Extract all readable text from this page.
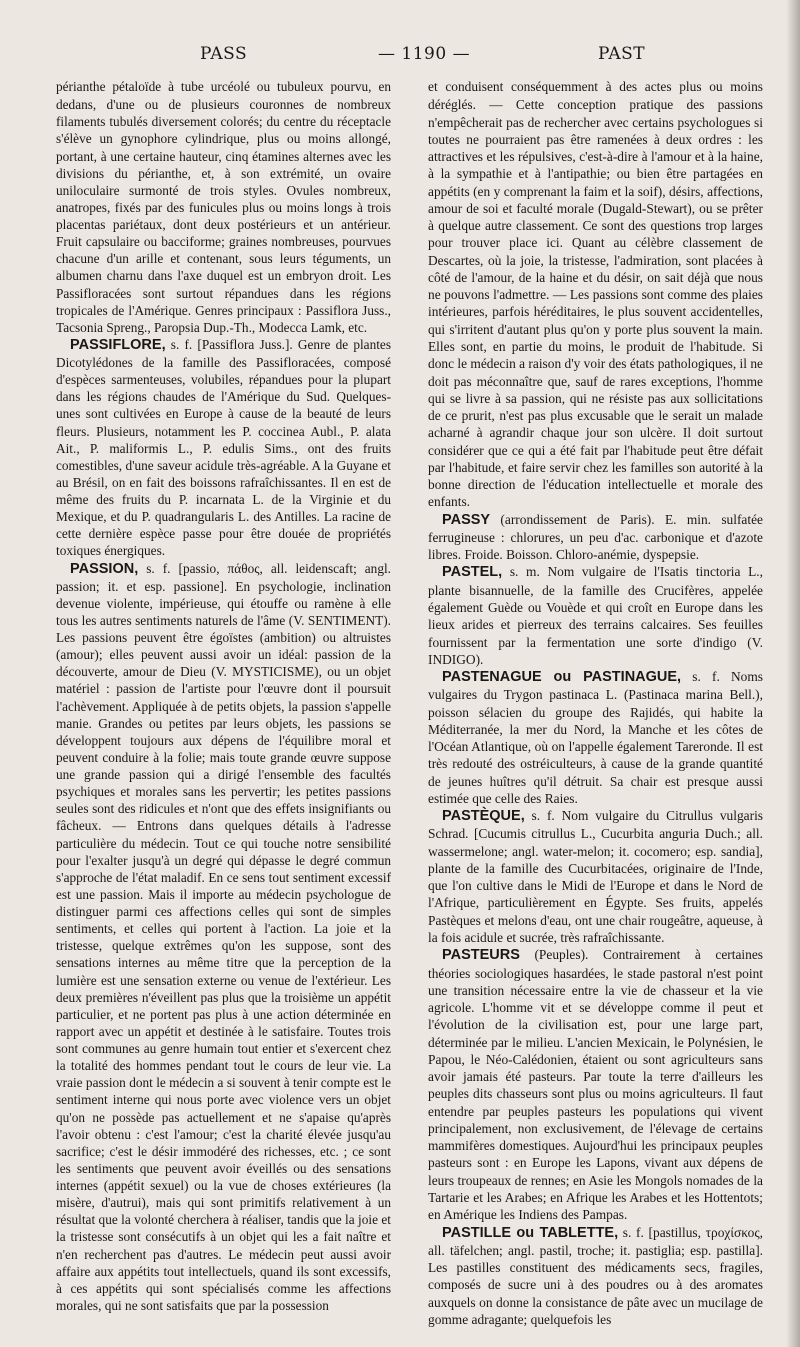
PASS	— 1190 —	PAST

périanthe pétaloïde à tube urcéolé ou tubuleux pourvu, en dedans, d'une ou de plusieurs couronnes de nombreux filaments tubulés diversement colorés; du centre du réceptacle s'élève un gynophore cylindrique, plus ou moins allongé, portant, à une certaine hauteur, cinq étamines alternes avec les divisions du périanthe, et, à son extrémité, un ovaire uniloculaire surmonté de trois styles. Ovules nombreux, anatropes, fixés par des funicules plus ou moins longs à trois placentas pariétaux, dont deux postérieurs et un antérieur. Fruit capsulaire ou bacciforme; graines nombreuses, pourvues chacune d'un arille et contenant, sous leurs téguments, un albumen charnu dans l'axe duquel est un embryon droit. Les Passifloracées sont surtout répandues dans les régions tropicales de l'Amérique. Genres principaux : Passiflora Juss., Tacsonia Spreng., Paropsia Dup.-Th., Modecca Lamk, etc.

PASSIFLORE, s. f. [Passiflora Juss.]. Genre de plantes Dicotylédones de la famille des Passifloracées, composé d'espèces sarmenteuses, volubiles, répandues pour la plupart dans les régions chaudes de l'Amérique du Sud. Quelques-unes sont cultivées en Europe à cause de la beauté de leurs fleurs. Plusieurs, notamment les P. coccinea Aubl., P. alata Ait., P. maliformis L., P. edulis Sims., ont des fruits comestibles, d'une saveur acidule très-agréable. A la Guyane et au Brésil, on en fait des boissons rafraîchissantes. Il en est de même des fruits du P. incarnata L. de la Virginie et du Mexique, et du P. quadrangularis L. des Antilles. La racine de cette dernière espèce passe pour être douée de propriétés toxiques énergiques.

PASSION, s. f. [passio, πάθος, all. leidenscaft; angl. passion; it. et esp. passione]. En psychologie, inclination devenue violente, impérieuse, qui étouffe ou ramène à elle tous les autres sentiments naturels de l'âme (V. SENTIMENT). Les passions peuvent être égoïstes (ambition) ou altruistes (amour); elles peuvent aussi avoir un idéal: passion de la découverte, amour de Dieu (V. MYSTICISME), ou un objet matériel : passion de l'artiste pour l'œuvre dont il poursuit l'achèvement. Appliquée à de petits objets, la passion s'appelle manie. Grandes ou petites par leurs objets, les passions se développent toujours aux dépens de l'équilibre moral et peuvent conduire à la folie; mais toute grande œuvre suppose une grande passion qui a dirigé l'ensemble des facultés psychiques et morales sans les pervertir; les petites passions seules sont des ridicules et n'ont que des effets insignifiants ou fâcheux. — Entrons dans quelques détails à l'adresse particulière du médecin. Tout ce qui touche notre sensibilité pour l'exalter jusqu'à un degré qui dépasse le degré commun s'approche de l'état maladif. En ce sens tout sentiment excessif est une passion. Mais il importe au médecin psychologue de distinguer parmi ces affections celles qui sont de simples sentiments, et celles qui portent à l'action. La joie et la tristesse, quelque extrêmes qu'on les suppose, sont des sensations internes au même titre que la perception de la lumière est une sensation externe ou venue de l'extérieur. Les deux premières n'éveillent pas plus que la troisième un appétit particulier, et ne portent pas plus à une action déterminée en rapport avec un appétit et destinée à le satisfaire. Toutes trois sont communes au genre humain tout entier et s'exercent chez la totalité des hommes pendant tout le cours de leur vie. La vraie passion dont le médecin a si souvent à tenir compte est le sentiment interne qui nous porte avec violence vers un objet qu'on ne possède pas actuellement et ne s'apaise qu'après l'avoir obtenu : c'est l'amour; c'est la charité élevée jusqu'au sacrifice; c'est le désir immodéré des richesses, etc. ; ce sont les sentiments que peuvent avoir éveillés ou des sensations internes (appétit sexuel) ou la vue de choses extérieures (la misère, d'autrui), mais qui sont primitifs relativement à un résultat que la volonté cherchera à réaliser, tandis que la joie et la tristesse sont consécutifs à un objet qui les a fait naître et n'en recherchent pas d'autres. Le médecin peut aussi avoir affaire aux appétits tout intellectuels, quand ils sont excessifs, à ces appétits qui sont spécialisés comme les affections morales, qui ne sont satisfaits que par la possession

et conduisent conséquemment à des actes plus ou moins déréglés. — Cette conception pratique des passions n'empêcherait pas de rechercher avec certains psychologues si toutes ne pourraient pas être ramenées à deux ordres : les attractives et les répulsives, c'est-à-dire à l'amour et à la haine, à la sympathie et à l'antipathie; ou bien être partagées en appétits (en y comprenant la faim et la soif), désirs, affections, amour de soi et faculté morale (Dugald-Stewart), ou se prêter à quelque autre classement. Ce sont des questions trop larges pour trouver place ici. Quant au célèbre classement de Descartes, où la joie, la tristesse, l'admiration, sont placées à côté de l'amour, de la haine et du désir, on sait déjà que nous ne pouvons l'admettre. — Les passions sont comme des plaies intérieures, parfois héréditaires, le plus souvent accidentelles, qui s'irritent d'autant plus qu'on y porte plus souvent la main. Elles sont, en partie du moins, le produit de l'habitude. Si donc le médecin a raison d'y voir des états pathologiques, il ne doit pas méconnaître que, sauf de rares exceptions, l'homme qui se livre à sa passion, qui ne résiste pas aux sollicitations de ce prurit, n'est pas plus excusable que le serait un malade acharné à agrandir chaque jour son ulcère. Il doit surtout considérer que ce qui a été fait par l'habitude peut être défait par l'habitude, et faire servir chez les familles son autorité à la bonne direction de l'éducation intellectuelle et morale des enfants.

PASSY (arrondissement de Paris). E. min. sulfatée ferrugineuse : chlorures, un peu d'ac. carbonique et d'azote libres. Froide. Boisson. Chloro-anémie, dyspepsie.

PASTEL, s. m. Nom vulgaire de l'Isatis tinctoria L., plante bisannuelle, de la famille des Crucifères, appelée également Guède ou Vouède et qui croît en Europe dans les lieux arides et pierreux des terrains calcaires. Ses feuilles fournissent par la fermentation une sorte d'indigo (V. INDIGO).

PASTENAGUE ou PASTINAGUE, s. f. Noms vulgaires du Trygon pastinaca L. (Pastinaca marina Bell.), poisson sélacien du groupe des Rajidés, qui habite la Méditerranée, la mer du Nord, la Manche et les côtes de l'Océan Atlantique, où on l'appelle également Tareronde. Il est très redouté des ostréiculteurs, à cause de la grande quantité de jeunes huîtres qu'il détruit. Sa chair est presque aussi estimée que celle des Raies.

PASTÈQUE, s. f. Nom vulgaire du Citrullus vulgaris Schrad. [Cucumis citrullus L., Cucurbita anguria Duch.; all. wassermelone; angl. water-melon; it. cocomero; esp. sandia], plante de la famille des Cucurbitacées, originaire de l'Inde, que l'on cultive dans le Midi de l'Europe et dans le Nord de l'Afrique, particulièrement en Égypte. Ses fruits, appelés Pastèques et melons d'eau, ont une chair rougeâtre, aqueuse, à la fois acidule et sucrée, très rafraîchissante.

PASTEURS (Peuples). Contrairement à certaines théories sociologiques hasardées, le stade pastoral n'est point une transition nécessaire entre la vie de chasseur et la vie agricole. L'homme vit et se développe comme il peut et l'évolution de la civilisation est, pour une large part, déterminée par le milieu. L'ancien Mexicain, le Polynésien, le Papou, le Néo-Calédonien, étaient ou sont agriculteurs sans avoir jamais été pasteurs. Par toute la terre d'ailleurs les peuples dits chasseurs sont plus ou moins agriculteurs. Il faut entendre par peuples pasteurs les populations qui vivent principalement, non exclusivement, de l'élevage de certains mammifères domestiques. Aujourd'hui les principaux peuples pasteurs sont : en Europe les Lapons, vivant aux dépens de leurs troupeaux de rennes; en Asie les Mongols nomades de la Tartarie et les Arabes; en Afrique les Arabes et les Hottentots; en Amérique les Indiens des Pampas.

PASTILLE ou TABLETTE, s. f. [pastillus, τροχίσκος, all. täfelchen; angl. pastil, troche; it. pastiglia; esp. pastilla]. Les pastilles constituent des médicaments secs, fragiles, composés de sucre uni à des poudres ou à des aromates auxquels on donne la consistance de pâte avec un mucilage de gomme adragante; quelquefois les
